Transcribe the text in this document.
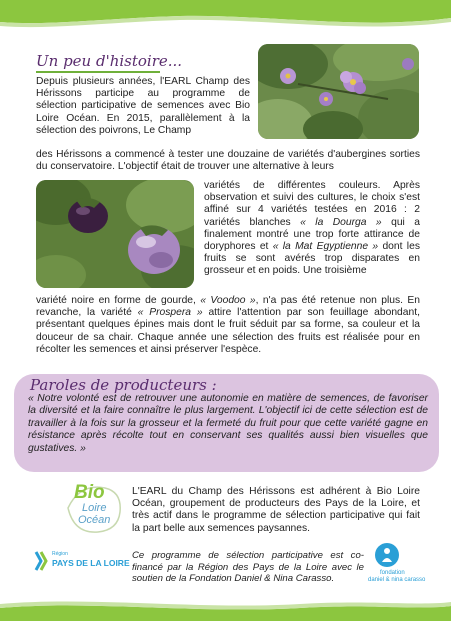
Un peu d'histoire...
Depuis plusieurs années, l'EARL Champ des Hérissons participe au programme de sélection participative de semences avec Bio Loire Océan. En 2015, parallèlement à la sélection des poivrons, Le Champ
des Hérissons a commencé à tester une douzaine de variétés d'aubergines sorties du conservatoire. L'objectif était de trouver une alternative à leurs
variétés de différentes couleurs. Après observation et suivi des cultures, le choix s'est affiné sur 4 variétés testées en 2016 : 2 variétés blanches « la Dourga » qui a finalement montré une trop forte attirance de doryphores et « la Mat Egyptienne » dont les fruits se sont avérés trop disparates en grosseur et en poids. Une troisième
variété noire en forme de gourde, « Voodoo », n'a pas été retenue non plus. En revanche, la variété « Prospera » attire l'attention par son feuillage abondant, présentant quelques épines mais dont le fruit séduit par sa forme, sa couleur et la douceur de sa chair. Chaque année une sélection des fruits est réalisée pour en récolter les semences et ainsi préserver l'espèce.
Paroles de producteurs :
« Notre volonté est de retrouver une autonomie en matière de semences, de favoriser la diversité et la faire connaître le plus largement. L'objectif ici de cette sélection est de travailler à la fois sur la grosseur et la fermeté du fruit pour que cette variété gagne en résistance après récolte tout en conservant ses qualités aussi bien visuelles que gustatives. »
Bio
Loire
Océan
L'EARL du Champ des Hérissons est adhérent à Bio Loire Océan, groupement de producteurs des Pays de la Loire, et très actif dans le programme de sélection participative qui fait la part belle aux semences paysannes.
Région
PAYS DE LA LOIRE
Ce programme de sélection participative est co-financé par la Région des Pays de la Loire avec le soutien de la Fondation Daniel & Nina Carasso.	fondation
daniel & nina carasso
